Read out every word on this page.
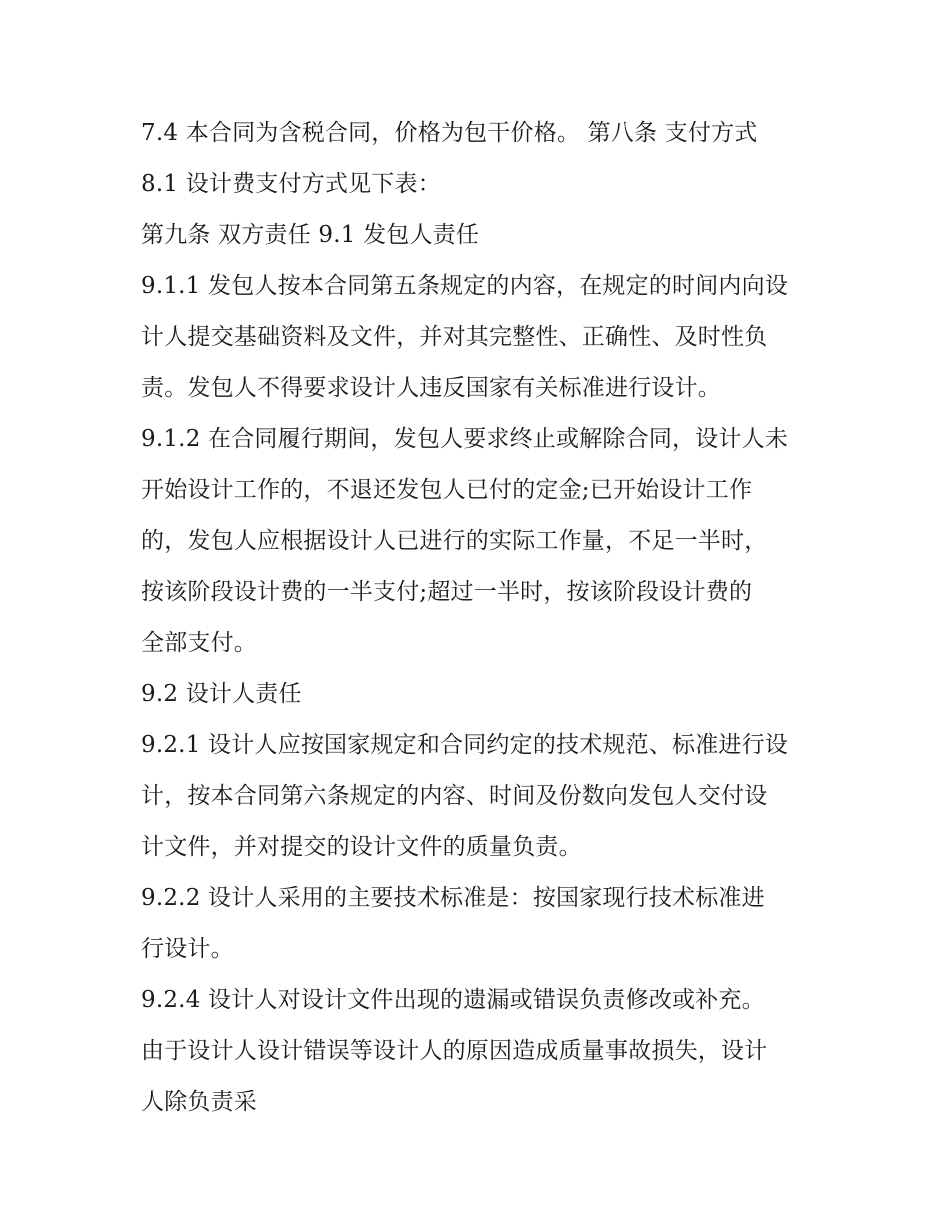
7.4 本合同为含税合同，价格为包干价格。 第八条 支付方式
8.1 设计费支付方式见下表：
第九条 双方责任 9.1 发包人责任
9.1.1 发包人按本合同第五条规定的内容，在规定的时间内向设
计人提交基础资料及文件，并对其完整性、正确性、及时性负
责。发包人不得要求设计人违反国家有关标准进行设计。
9.1.2 在合同履行期间，发包人要求终止或解除合同，设计人未
开始设计工作的，不退还发包人已付的定金;已开始设计工作
的，发包人应根据设计人已进行的实际工作量，不足一半时，
按该阶段设计费的一半支付;超过一半时，按该阶段设计费的
全部支付。
9.2 设计人责任
9.2.1 设计人应按国家规定和合同约定的技术规范、标准进行设
计，按本合同第六条规定的内容、时间及份数向发包人交付设
计文件，并对提交的设计文件的质量负责。
9.2.2 设计人采用的主要技术标准是：按国家现行技术标准进
行设计。
9.2.4 设计人对设计文件出现的遗漏或错误负责修改或补充。
由于设计人设计错误等设计人的原因造成质量事故损失，设计
人除负责采
